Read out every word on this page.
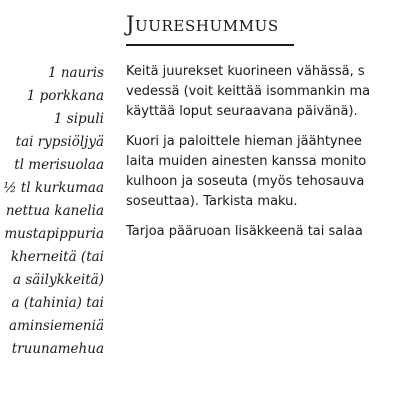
Juureshummus
1 nauris
1 porkkana
1 sipuli
tai rypsiöljyä
tl merisuolaa
½ tl kurkumaa
nettua kanelia
mustapippuria
kherneitä (tai
a säilykkeitä)
a (tahinia) tai
aminsiemeniä
truunamehua

Keitä juurekset kuorineen vähässä, s
vedessä (voit keittää isommankin ma
käyttää loput seuraavana päivänä).

Kuori ja paloittele hieman jäähtynee
laita muiden ainesten kanssa monito
kulhoon ja soseuta (myös tehosauva
soseuttaa). Tarkista maku.

Tarjoa pääruoan lisäkkeenä tai salaa
